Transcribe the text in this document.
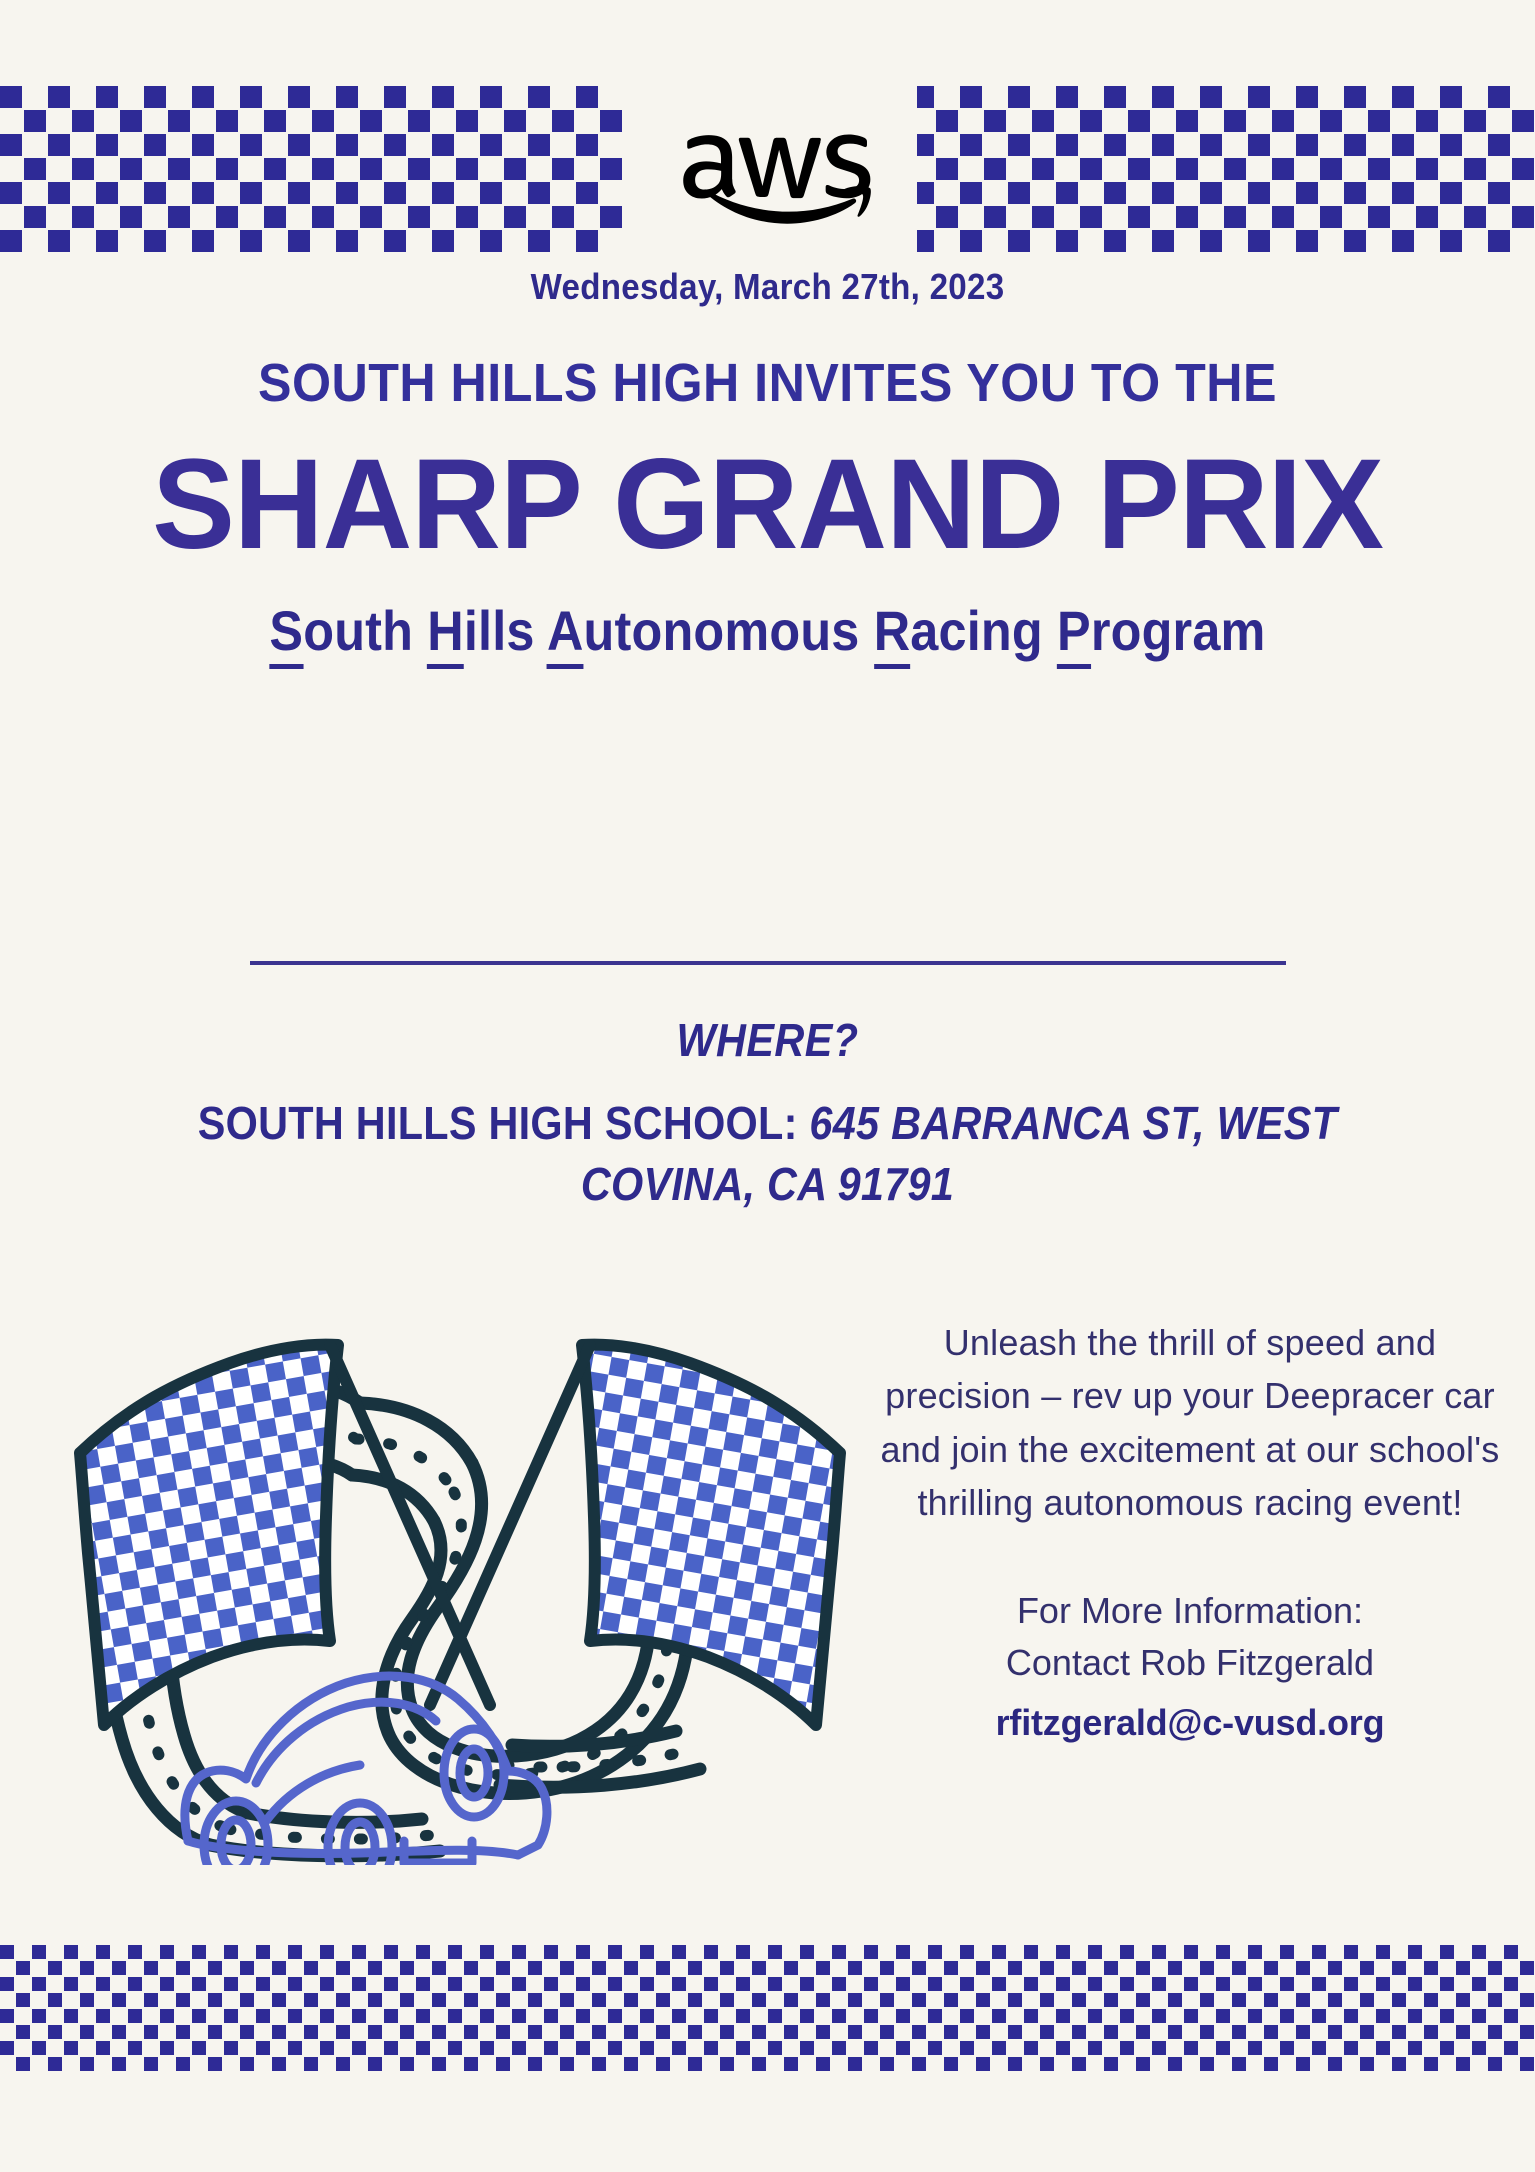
Wednesday, March 27th, 2023
SOUTH HILLS HIGH INVITES YOU TO THE
SHARP GRAND PRIX
South Hills Autonomous Racing Program
WHERE?
SOUTH HILLS HIGH SCHOOL: 645 BARRANCA ST, WEST COVINA, CA 91791

Unleash the thrill of speed and precision – rev up your Deepracer car and join the excitement at our school's thrilling autonomous racing event!

For More Information:
Contact Rob Fitzgerald
rfitzgerald@c-vusd.org
